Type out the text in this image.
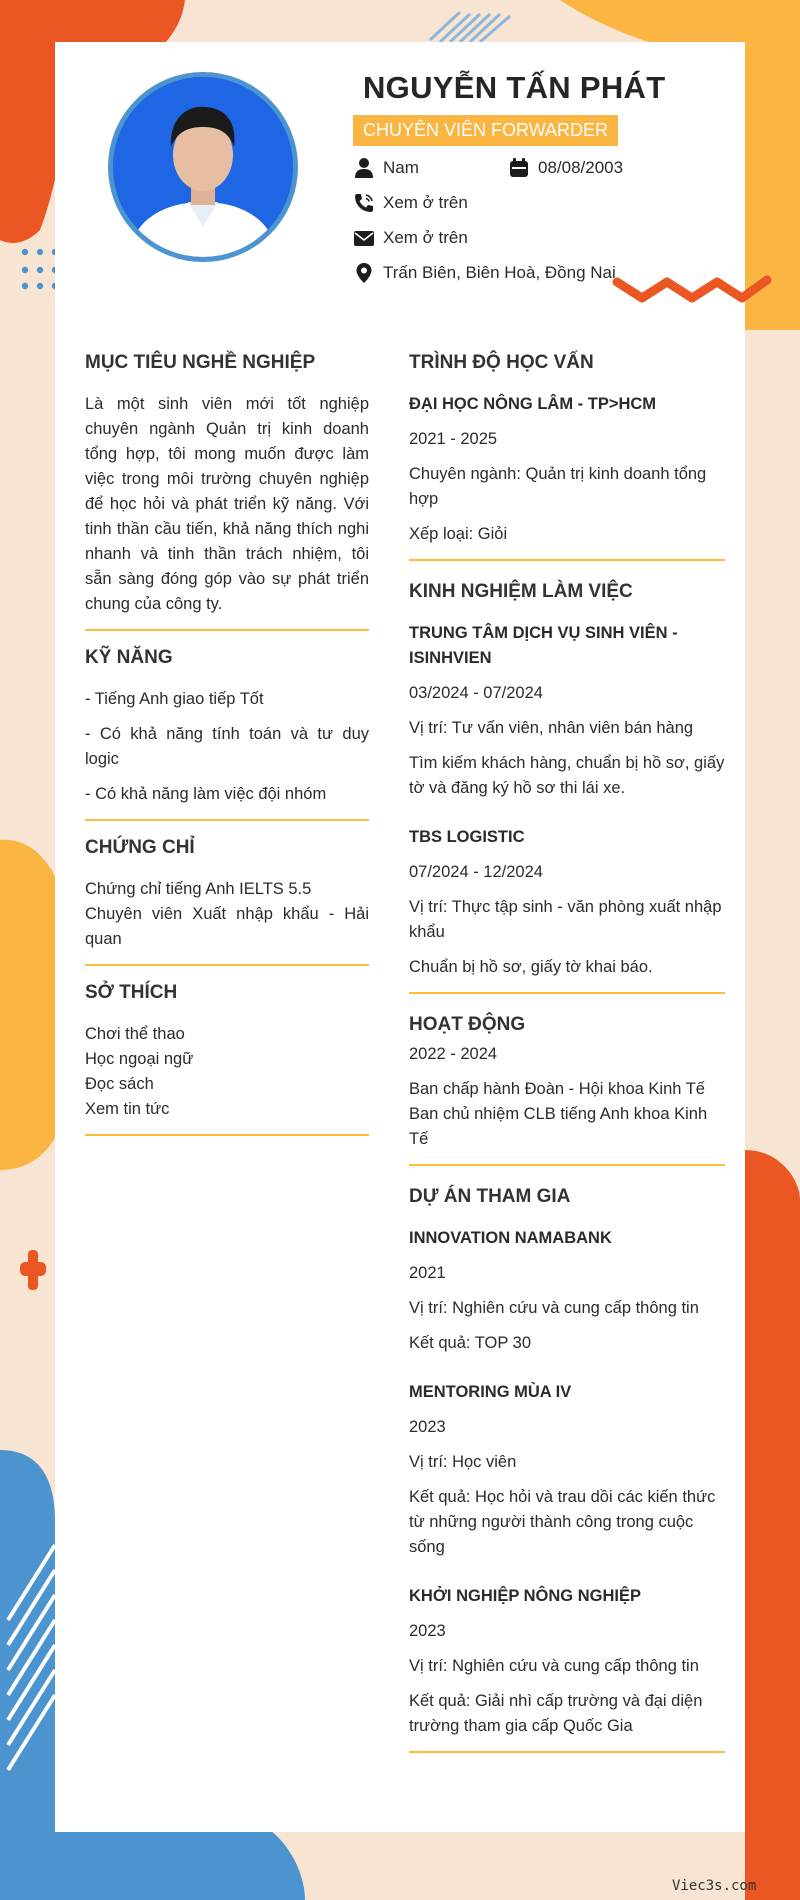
NGUYỄN TẤN PHÁT
CHUYÊN VIÊN FORWARDER
Nam	08/08/2003
Xem ở trên
Xem ở trên
Trấn Biên, Biên Hoà, Đồng Nai
MỤC TIÊU NGHỀ NGHIỆP

Là một sinh viên mới tốt nghiệp chuyên ngành Quản trị kinh doanh tổng hợp, tôi mong muốn được làm việc trong môi trường chuyên nghiệp để học hỏi và phát triển kỹ năng. Với tinh thần cầu tiến, khả năng thích nghi nhanh và tinh thần trách nhiệm, tôi sẵn sàng đóng góp vào sự phát triển chung của công ty.

KỸ NĂNG

- Tiếng Anh giao tiếp Tốt

- Có khả năng tính toán và tư duy logic

- Có khả năng làm việc đội nhóm

CHỨNG CHỈ

Chứng chỉ tiếng Anh IELTS 5.5

Chuyên viên Xuất nhập khẩu - Hải quan

SỞ THÍCH

Chơi thể thao

Học ngoại ngữ

Đọc sách

Xem tin tức

TRÌNH ĐỘ HỌC VẤN

ĐẠI HỌC NÔNG LÂM - TP>HCM

2021 - 2025

Chuyên ngành: Quản trị kinh doanh tổng hợp

Xếp loại: Giỏi

KINH NGHIỆM LÀM VIỆC

TRUNG TÂM DỊCH VỤ SINH VIÊN - ISINHVIEN

03/2024 - 07/2024

Vị trí: Tư vấn viên, nhân viên bán hàng

Tìm kiếm khách hàng, chuẩn bị hồ sơ, giấy tờ và đăng ký hồ sơ thi lái xe.

TBS LOGISTIC

07/2024 - 12/2024

Vị trí: Thực tập sinh - văn phòng xuất nhập khẩu

Chuẩn bị hồ sơ, giấy tờ khai báo.

HOẠT ĐỘNG

2022 - 2024

Ban chấp hành Đoàn - Hội khoa Kinh Tế

Ban chủ nhiệm CLB tiếng Anh khoa Kinh Tế

DỰ ÁN THAM GIA

INNOVATION NAMABANK

2021

Vị trí: Nghiên cứu và cung cấp thông tin

Kết quả: TOP 30

MENTORING MÙA IV

2023

Vị trí: Học viên

Kết quả: Học hỏi và trau dồi các kiến thức từ những người thành công trong cuộc sống

KHỞI NGHIỆP NÔNG NGHIỆP

2023

Vị trí: Nghiên cứu và cung cấp thông tin

Kết quả: Giải nhì cấp trường và đại diện trường tham gia cấp Quốc Gia

Viec3s.com
